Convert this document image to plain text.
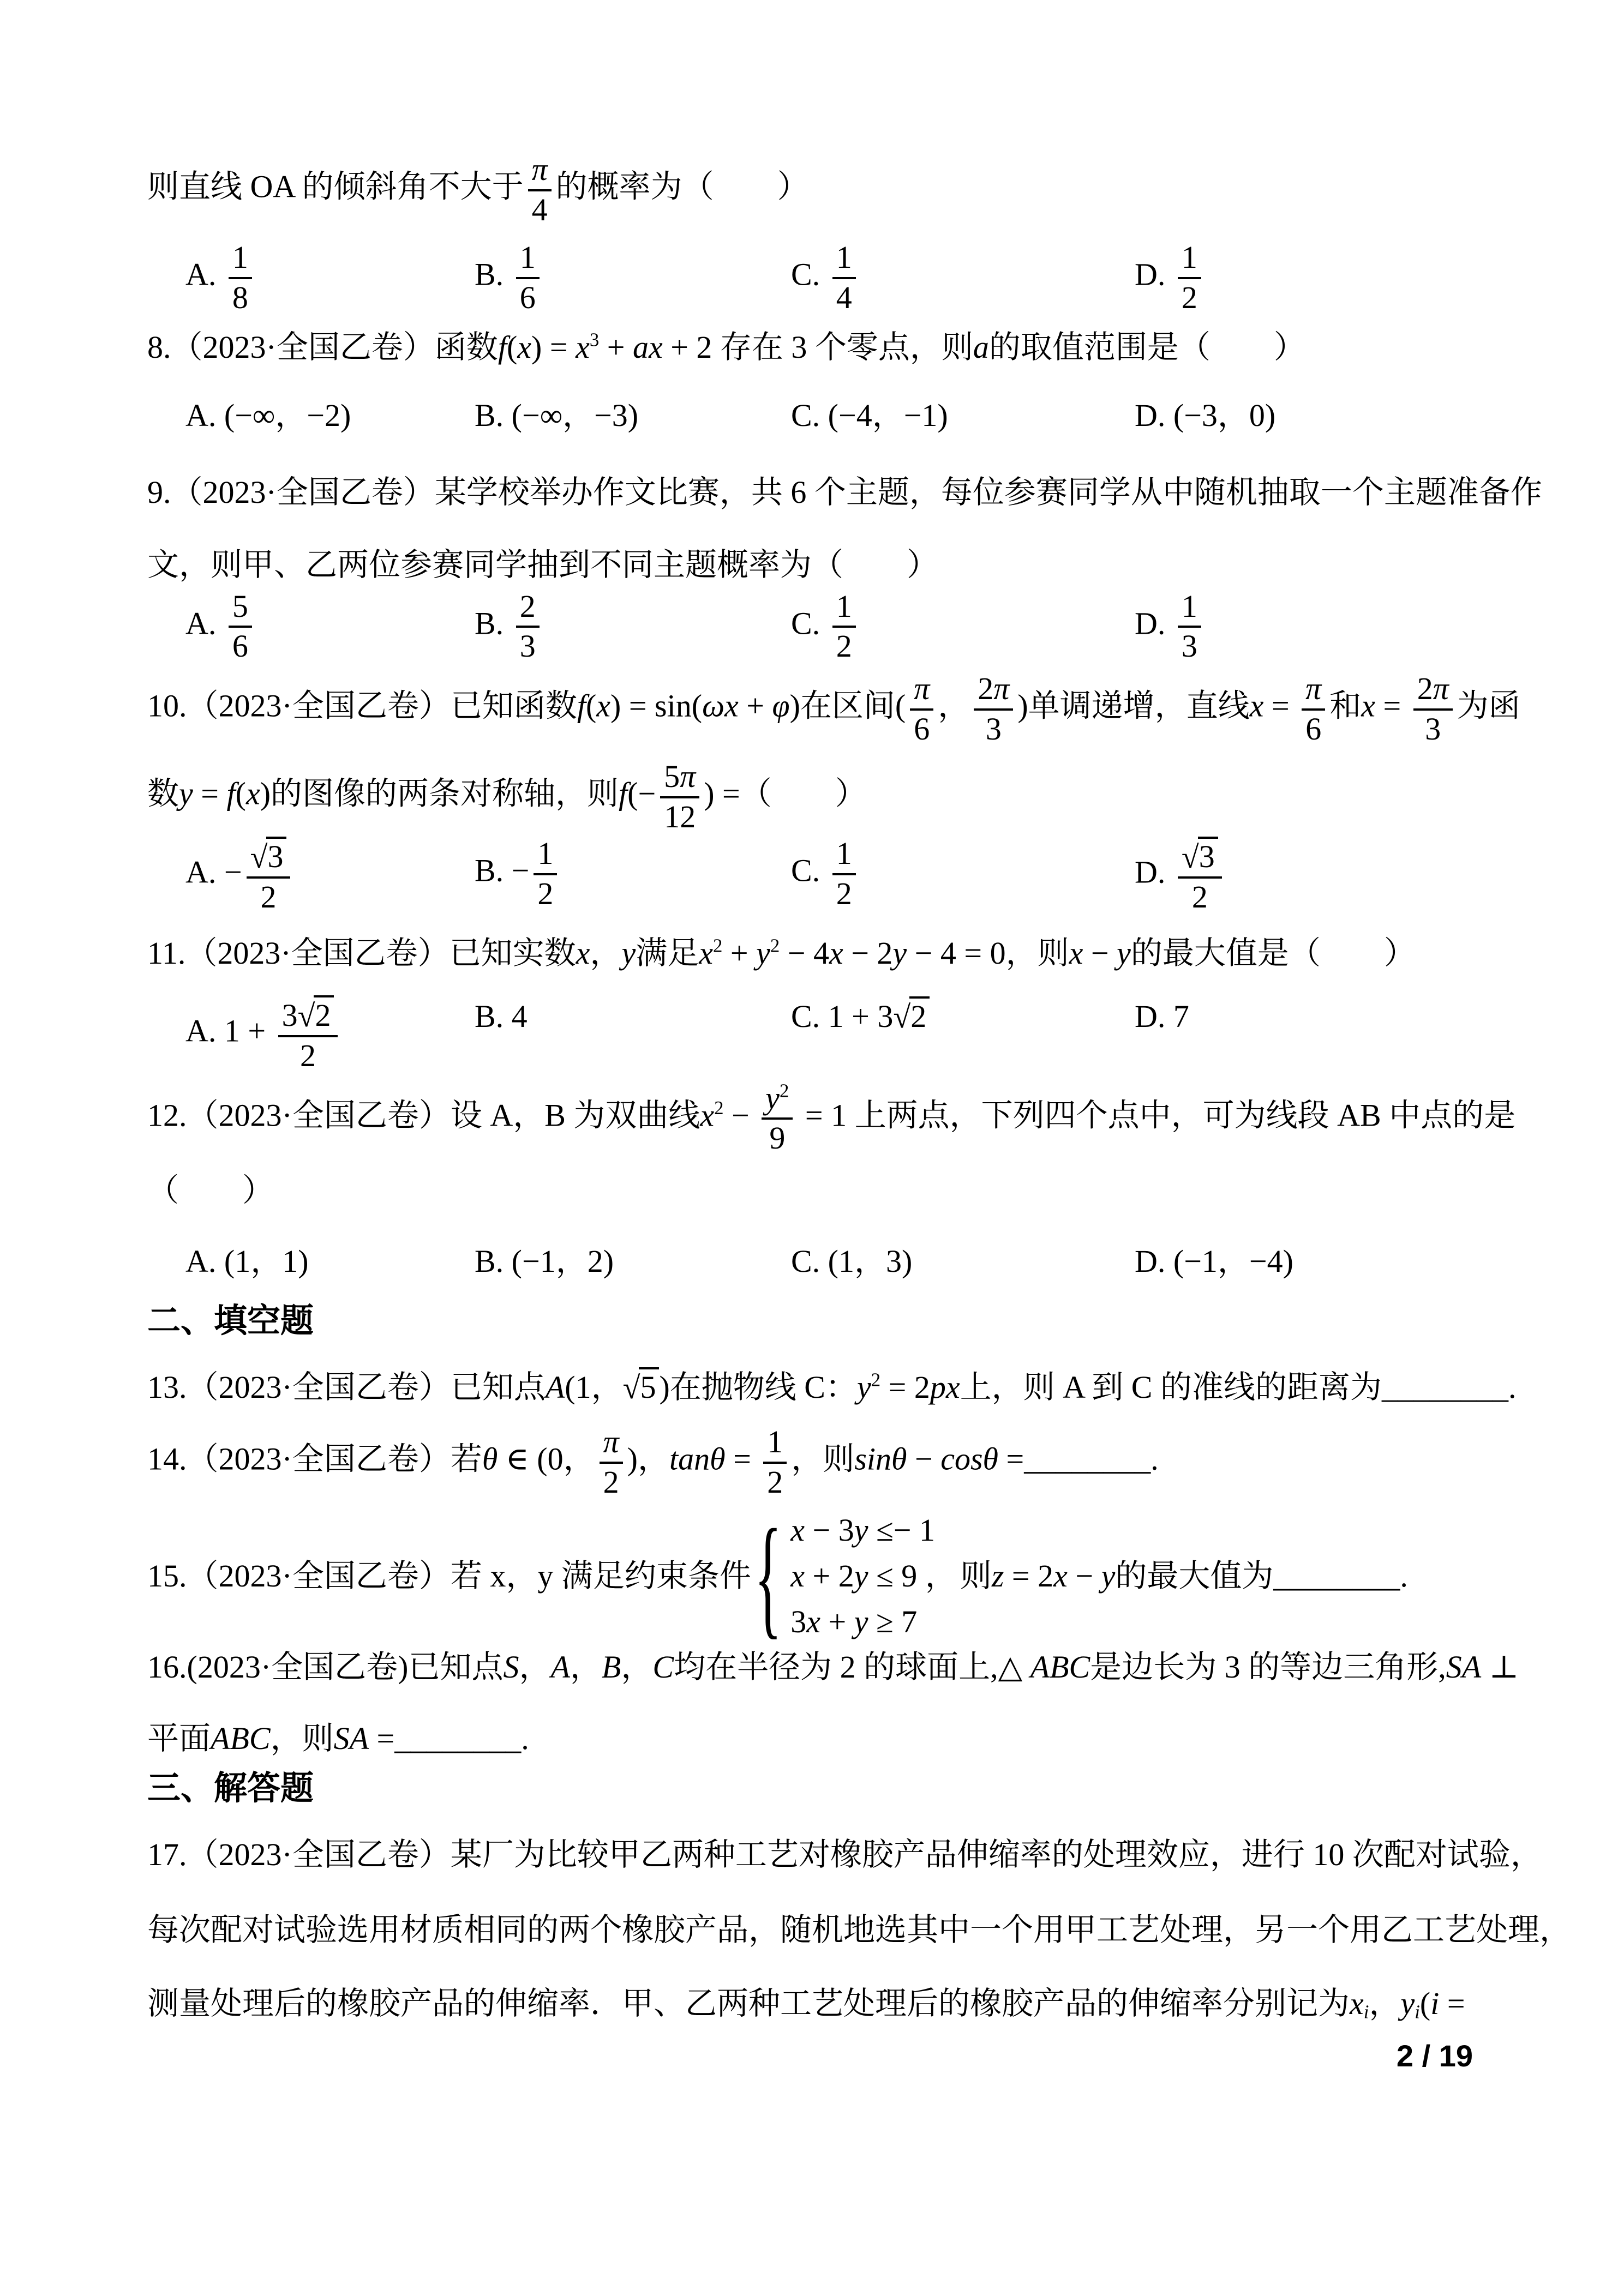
则直线 OA 的倾斜角不大于 $\frac{\pi}{4}$ 的概率为（　　）
A. $\frac{1}{8}$	B. $\frac{1}{6}$	C. $\frac{1}{4}$	D. $\frac{1}{2}$
8.（2023·全国乙卷）函数$f(x) = x^3$ + ax + 2 存在 3 个零点，则a的取值范围是（　　）
A. (−∞，−2)	B. (−∞，−3)	C. (−4，−1)	D. (−3，0)
9.（2023·全国乙卷）某学校举办作文比赛，共 6 个主题，每位参赛同学从中随机抽取一个主题准备作
文，则甲、乙两位参赛同学抽到不同主题概率为（　　）
A. $\frac{5}{6}$	B. $\frac{2}{3}$	C. $\frac{1}{2}$	D. $\frac{1}{3}$
10.（2023·全国乙卷）已知函数f(x) = sin(ωx + φ)在区间( $\frac{\pi}{6}$ ， $\frac{2\pi}{3}$ )单调递增，直线$x = \frac{\pi}{6}$ 和$x = \frac{2\pi}{3}$ 为函
数y = f(x)的图像的两条对称轴，则$f(- \frac{5\pi}{12}$ ) =（　　）
A. − $\frac{√3}{2}$	B. − $\frac{1}{2}$	C. $\frac{1}{2}$	D. $\frac{√3}{2}$
11.（2023·全国乙卷）已知实数x，y满足$x^2 + y^2 - 4x - 2y - 4 = 0$，则x − y的最大值是（　　）
A. $1 + \frac{3√2}{2}$	B. 4	C. 1 + 3√2	D. 7
12.（2023·全国乙卷）设 A，B 为双曲线$x^2 - \frac{y^2}{9} = 1$ 上两点，下列四个点中，可为线段 AB 中点的是
（　　）
A. (1，1)	B. (−1，2)	C. (1，3)	D. (−1，−4)
二、填空题
13.（2023·全国乙卷）已知点A(1，√5 )在抛物线 C：$y^2 = 2px$上，则 A 到 C 的准线的距离为________.
14.（2023·全国乙卷）若θ ∈ (0， $\frac{\pi}{2}$ )，$\tan\theta = \frac{1}{2}$ ，则sinθ − cosθ =________.
15.（2023·全国乙卷）若 x，y 满足约束条件 { x − 3y ≤− 1
x + 2y ≤ 9 ，
3x + y ≥ 7
则z = 2x − y的最大值为________.
16.(2023·全国乙卷)已知点S，A，B，C均在半径为 2 的球面上,△ ABC是边长为 3 的等边三角形,SA ⊥
平面ABC，则SA =________.
三、解答题
17.（2023·全国乙卷）某厂为比较甲乙两种工艺对橡胶产品伸缩率的处理效应，进行 10 次配对试验，
每次配对试验选用材质相同的两个橡胶产品，随机地选其中一个用甲工艺处理，另一个用乙工艺处理，
测量处理后的橡胶产品的伸缩率．甲、乙两种工艺处理后的橡胶产品的伸缩率分别记为$x_i$，$y_i(i$ =
2 / 19
